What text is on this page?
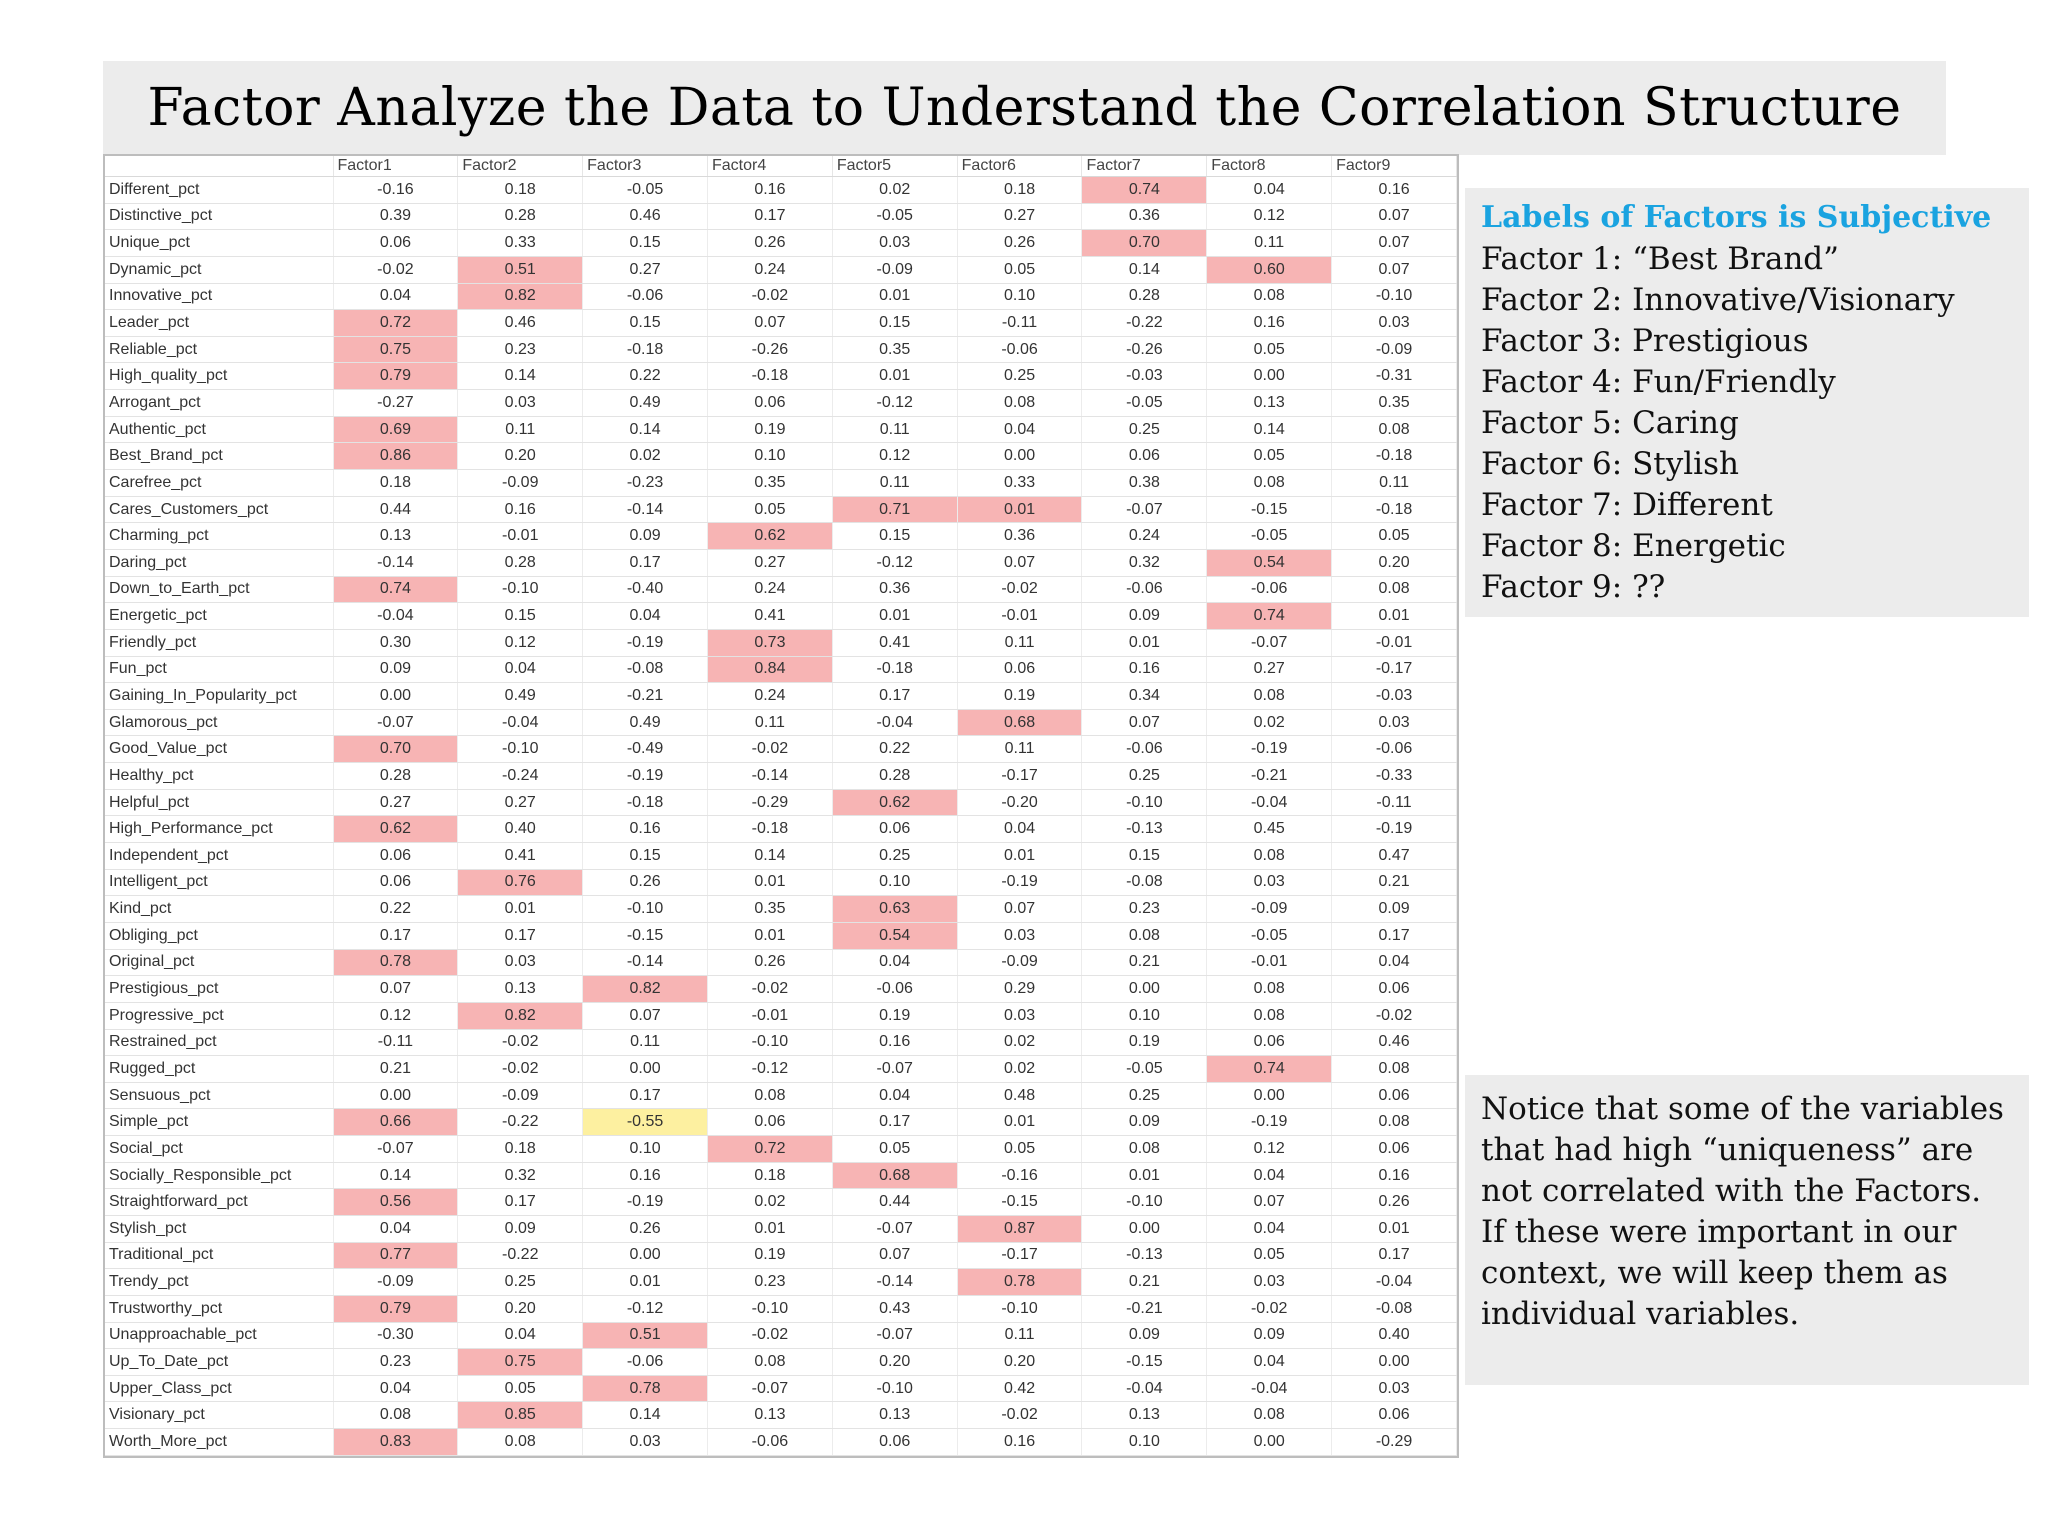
Factor Analyze the Data to Understand the Correlation Structure
	Factor1	Factor2	Factor3	Factor4	Factor5	Factor6	Factor7	Factor8	Factor9
Different_pct	-0.16	0.18	-0.05	0.16	0.02	0.18	0.74	0.04	0.16
Distinctive_pct	0.39	0.28	0.46	0.17	-0.05	0.27	0.36	0.12	0.07
Unique_pct	0.06	0.33	0.15	0.26	0.03	0.26	0.70	0.11	0.07
Dynamic_pct	-0.02	0.51	0.27	0.24	-0.09	0.05	0.14	0.60	0.07
Innovative_pct	0.04	0.82	-0.06	-0.02	0.01	0.10	0.28	0.08	-0.10
Leader_pct	0.72	0.46	0.15	0.07	0.15	-0.11	-0.22	0.16	0.03
Reliable_pct	0.75	0.23	-0.18	-0.26	0.35	-0.06	-0.26	0.05	-0.09
High_quality_pct	0.79	0.14	0.22	-0.18	0.01	0.25	-0.03	0.00	-0.31
Arrogant_pct	-0.27	0.03	0.49	0.06	-0.12	0.08	-0.05	0.13	0.35
Authentic_pct	0.69	0.11	0.14	0.19	0.11	0.04	0.25	0.14	0.08
Best_Brand_pct	0.86	0.20	0.02	0.10	0.12	0.00	0.06	0.05	-0.18
Carefree_pct	0.18	-0.09	-0.23	0.35	0.11	0.33	0.38	0.08	0.11
Cares_Customers_pct	0.44	0.16	-0.14	0.05	0.71	0.01	-0.07	-0.15	-0.18
Charming_pct	0.13	-0.01	0.09	0.62	0.15	0.36	0.24	-0.05	0.05
Daring_pct	-0.14	0.28	0.17	0.27	-0.12	0.07	0.32	0.54	0.20
Down_to_Earth_pct	0.74	-0.10	-0.40	0.24	0.36	-0.02	-0.06	-0.06	0.08
Energetic_pct	-0.04	0.15	0.04	0.41	0.01	-0.01	0.09	0.74	0.01
Friendly_pct	0.30	0.12	-0.19	0.73	0.41	0.11	0.01	-0.07	-0.01
Fun_pct	0.09	0.04	-0.08	0.84	-0.18	0.06	0.16	0.27	-0.17
Gaining_In_Popularity_pct	0.00	0.49	-0.21	0.24	0.17	0.19	0.34	0.08	-0.03
Glamorous_pct	-0.07	-0.04	0.49	0.11	-0.04	0.68	0.07	0.02	0.03
Good_Value_pct	0.70	-0.10	-0.49	-0.02	0.22	0.11	-0.06	-0.19	-0.06
Healthy_pct	0.28	-0.24	-0.19	-0.14	0.28	-0.17	0.25	-0.21	-0.33
Helpful_pct	0.27	0.27	-0.18	-0.29	0.62	-0.20	-0.10	-0.04	-0.11
High_Performance_pct	0.62	0.40	0.16	-0.18	0.06	0.04	-0.13	0.45	-0.19
Independent_pct	0.06	0.41	0.15	0.14	0.25	0.01	0.15	0.08	0.47
Intelligent_pct	0.06	0.76	0.26	0.01	0.10	-0.19	-0.08	0.03	0.21
Kind_pct	0.22	0.01	-0.10	0.35	0.63	0.07	0.23	-0.09	0.09
Obliging_pct	0.17	0.17	-0.15	0.01	0.54	0.03	0.08	-0.05	0.17
Original_pct	0.78	0.03	-0.14	0.26	0.04	-0.09	0.21	-0.01	0.04
Prestigious_pct	0.07	0.13	0.82	-0.02	-0.06	0.29	0.00	0.08	0.06
Progressive_pct	0.12	0.82	0.07	-0.01	0.19	0.03	0.10	0.08	-0.02
Restrained_pct	-0.11	-0.02	0.11	-0.10	0.16	0.02	0.19	0.06	0.46
Rugged_pct	0.21	-0.02	0.00	-0.12	-0.07	0.02	-0.05	0.74	0.08
Sensuous_pct	0.00	-0.09	0.17	0.08	0.04	0.48	0.25	0.00	0.06
Simple_pct	0.66	-0.22	-0.55	0.06	0.17	0.01	0.09	-0.19	0.08
Social_pct	-0.07	0.18	0.10	0.72	0.05	0.05	0.08	0.12	0.06
Socially_Responsible_pct	0.14	0.32	0.16	0.18	0.68	-0.16	0.01	0.04	0.16
Straightforward_pct	0.56	0.17	-0.19	0.02	0.44	-0.15	-0.10	0.07	0.26
Stylish_pct	0.04	0.09	0.26	0.01	-0.07	0.87	0.00	0.04	0.01
Traditional_pct	0.77	-0.22	0.00	0.19	0.07	-0.17	-0.13	0.05	0.17
Trendy_pct	-0.09	0.25	0.01	0.23	-0.14	0.78	0.21	0.03	-0.04
Trustworthy_pct	0.79	0.20	-0.12	-0.10	0.43	-0.10	-0.21	-0.02	-0.08
Unapproachable_pct	-0.30	0.04	0.51	-0.02	-0.07	0.11	0.09	0.09	0.40
Up_To_Date_pct	0.23	0.75	-0.06	0.08	0.20	0.20	-0.15	0.04	0.00
Upper_Class_pct	0.04	0.05	0.78	-0.07	-0.10	0.42	-0.04	-0.04	0.03
Visionary_pct	0.08	0.85	0.14	0.13	0.13	-0.02	0.13	0.08	0.06
Worth_More_pct	0.83	0.08	0.03	-0.06	0.06	0.16	0.10	0.00	-0.29
Labels of Factors is Subjective
Factor 1: “Best Brand”
Factor 2: Innovative/Visionary
Factor 3: Prestigious
Factor 4: Fun/Friendly
Factor 5: Caring
Factor 6: Stylish
Factor 7: Different
Factor 8: Energetic
Factor 9: ??
Notice that some of the variables that had high “uniqueness” are not correlated with the Factors. If these were important in our context, we will keep them as individual variables.
